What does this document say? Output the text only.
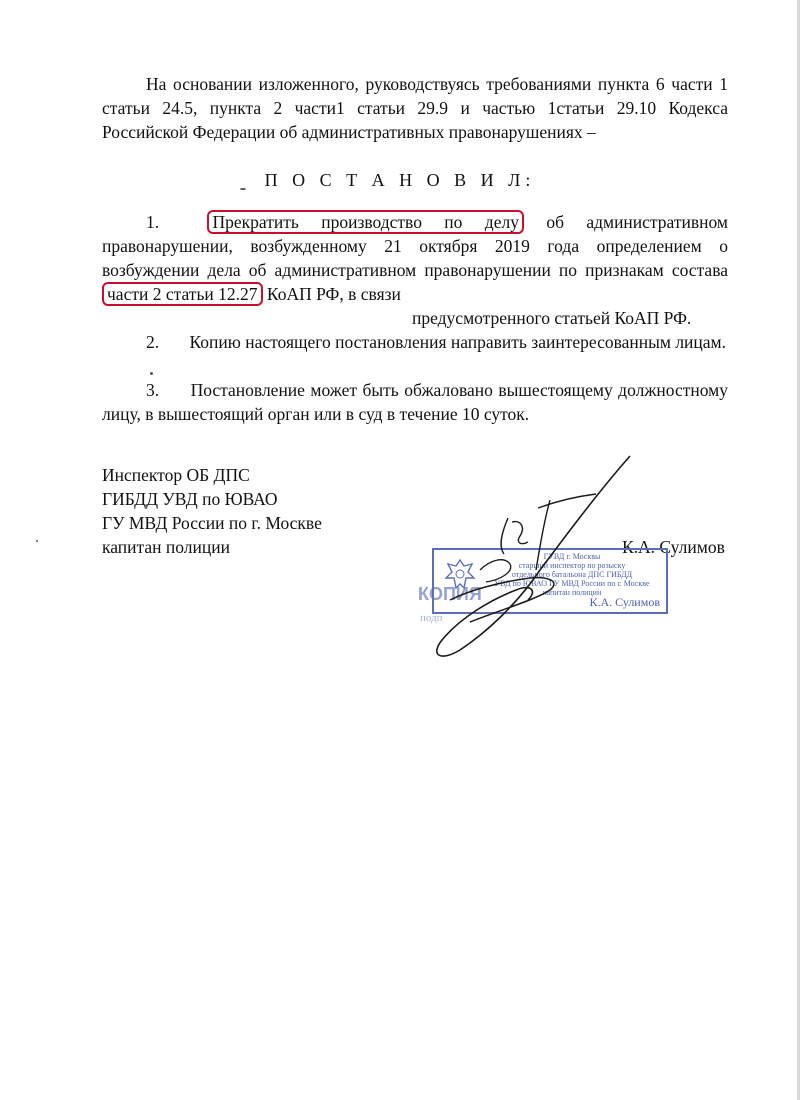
На основании изложенного, руководствуясь требованиями пункта 6 части 1 статьи 24.5, пункта 2 части1 статьи 29.9 и частью 1статьи 29.10 Кодекса Российской Федерации об административных правонарушениях –
П О С Т А Н О В И Л:
1.	Прекратить производство по делу об административном правонарушении, возбужденному 21 октября 2019 года определением о возбуждении дела об административном правонарушении по признакам состава части 2 статьи 12.27 КоАП РФ, в связи
предусмотренного статьей КоАП РФ.
2. Копию настоящего постановления направить заинтересованным лицам.
3. Постановление может быть обжаловано вышестоящему должностному лицу, в вышестоящий орган или в суд в течение 10 суток.
Инспектор ОБ ДПС
ГИБДД УВД по ЮВАО
ГУ МВД России по г. Москве
капитан полиции	К.А. Сулимов
ГУВД г. Москвы
старший инспектор по розыску
отдельного батальона ДПС ГИБДД
УВД по ЮВАО ГУ МВД России по г. Москве
капитан полиции
К.А. Сулимов
КОПИЯ
подп
